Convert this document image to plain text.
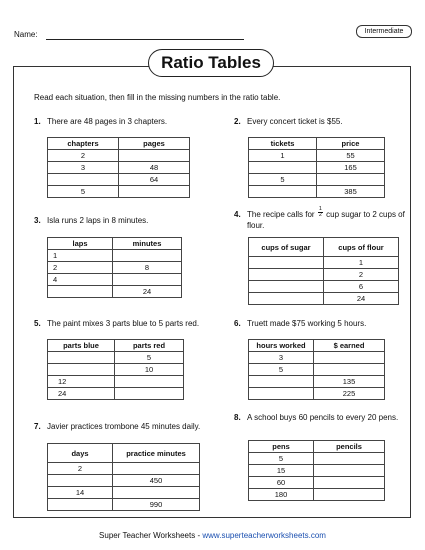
Name:	Intermediate
Ratio Tables
Read each situation, then fill in the missing numbers in the ratio table.
1. There are 48 pages in 3 chapters.
chapters	pages
2	
3	48
	64
5	
2. Every concert ticket is $55.
tickets	price
1	55
	165
5	
	385
3. Isla runs 2 laps in 8 minutes.
laps	minutes
1	
2	8
4	
	24
4. The recipe calls for $\frac{1}{2}$ cup sugar to 2 cups of flour.
cups of sugar	cups of flour
	1
	2
	6
	24
5. The paint mixes 3 parts blue to 5 parts red.
parts blue	parts red
	5
	10
12	
24	
6. Truett made $75 working 5 hours.
hours worked	$ earned
3	
5	
	135
	225
7. Javier practices trombone 45 minutes daily.
days	practice minutes
2	
	450
14	
	990
8. A school buys 60 pencils to every 20 pens.
pens	pencils
5	
15	
60	
180	
Super Teacher Worksheets - www.superteacherworksheets.com
